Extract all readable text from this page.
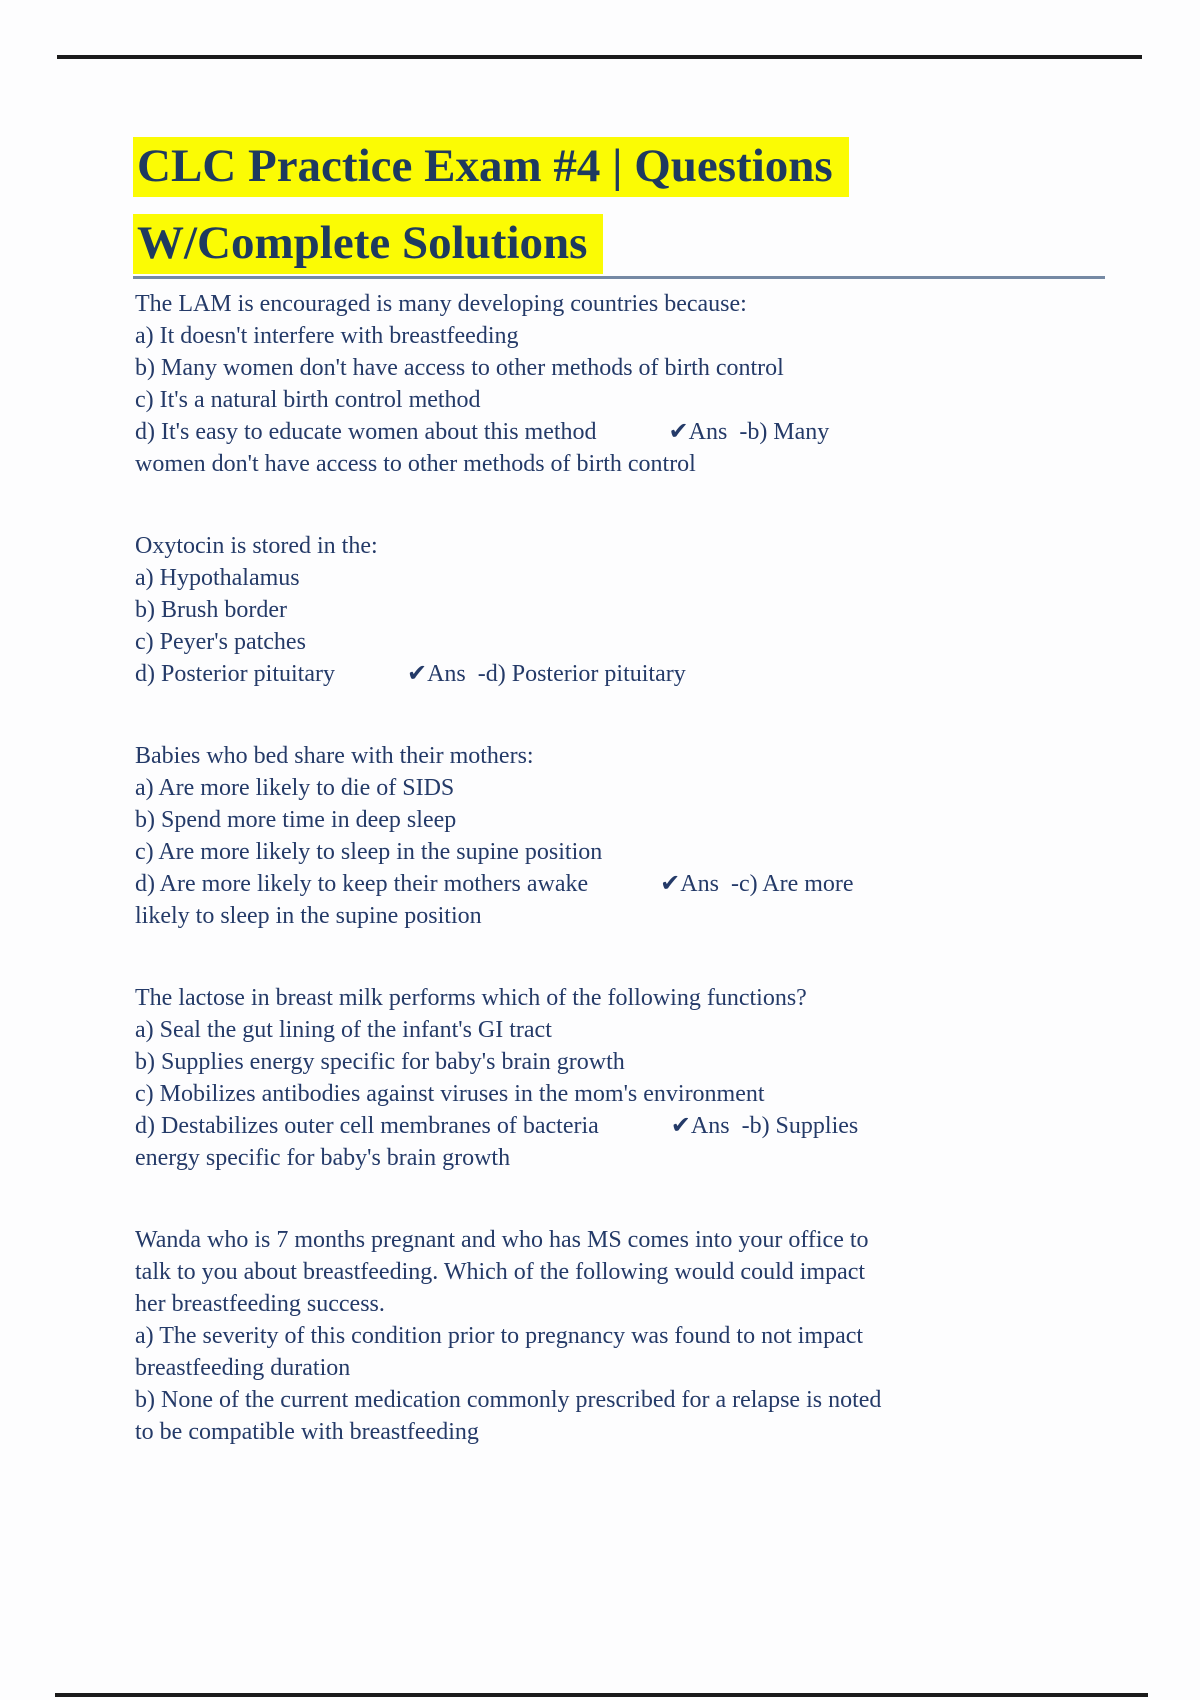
CLC Practice Exam #4 | Questions
W/Complete Solutions
The LAM is encouraged is many developing countries because:
a) It doesn't interfere with breastfeeding
b) Many women don't have access to other methods of birth control
c) It's a natural birth control method
d) It's easy to educate women about this method            ✔Ans  -b) Many
women don't have access to other methods of birth control
Oxytocin is stored in the:
a) Hypothalamus
b) Brush border
c) Peyer's patches
d) Posterior pituitary            ✔Ans  -d) Posterior pituitary
Babies who bed share with their mothers:
a) Are more likely to die of SIDS
b) Spend more time in deep sleep
c) Are more likely to sleep in the supine position
d) Are more likely to keep their mothers awake            ✔Ans  -c) Are more
likely to sleep in the supine position
The lactose in breast milk performs which of the following functions?
a) Seal the gut lining of the infant's GI tract
b) Supplies energy specific for baby's brain growth
c) Mobilizes antibodies against viruses in the mom's environment
d) Destabilizes outer cell membranes of bacteria            ✔Ans  -b) Supplies
energy specific for baby's brain growth
Wanda who is 7 months pregnant and who has MS comes into your office to
talk to you about breastfeeding. Which of the following would could impact
her breastfeeding success.
a) The severity of this condition prior to pregnancy was found to not impact
breastfeeding duration
b) None of the current medication commonly prescribed for a relapse is noted
to be compatible with breastfeeding
